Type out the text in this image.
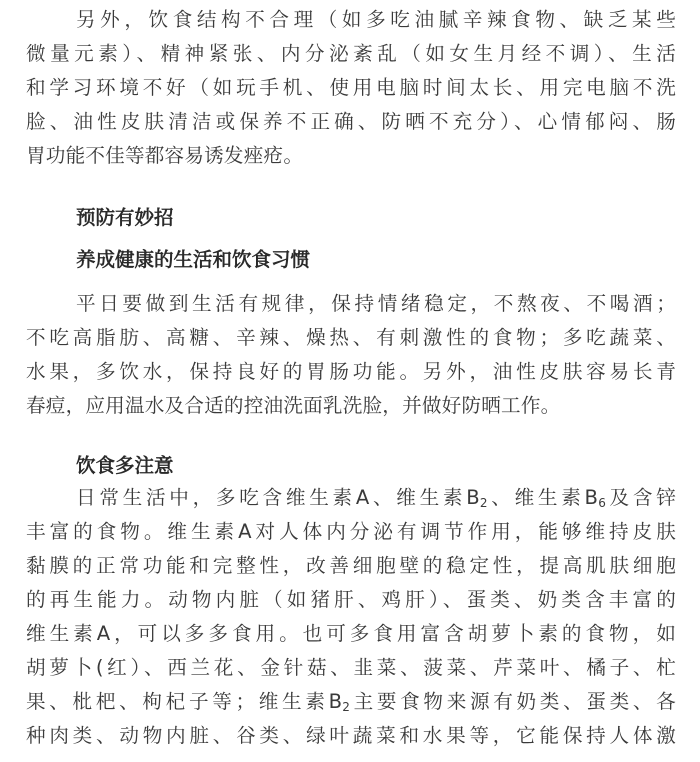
另外，饮食结构不合理（如多吃油腻辛辣食物、缺乏某些
微量元素）、精神紧张、内分泌紊乱（如女生月经不调）、生活
和学习环境不好（如玩手机、使用电脑时间太长、用完电脑不洗
脸、油性皮肤清洁或保养不正确、防晒不充分）、心情郁闷、肠
胃功能不佳等都容易诱发痤疮。
预防有妙招
养成健康的生活和饮食习惯
平日要做到生活有规律，保持情绪稳定，不熬夜、不喝酒；
不吃高脂肪、高糖、辛辣、燥热、有刺激性的食物；多吃蔬菜、
水果，多饮水，保持良好的胃肠功能。另外，油性皮肤容易长青
春痘，应用温水及合适的控油洗面乳洗脸，并做好防晒工作。
饮食多注意
日常生活中，多吃含维生素A、维生素$B_2$、维生素$B_6$及含锌
丰富的食物。维生素A对人体内分泌有调节作用，能够维持皮肤
黏膜的正常功能和完整性，改善细胞壁的稳定性，提高肌肤细胞
的再生能力。动物内脏（如猪肝、鸡肝）、蛋类、奶类含丰富的
维生素A，可以多多食用。也可多食用富含胡萝卜素的食物，如
胡萝卜(红）、西兰花、金针菇、韭菜、菠菜、芹菜叶、橘子、杧
果、枇杷、枸杞子等；维生素$B_2$主要食物来源有奶类、蛋类、各
种肉类、动物内脏、谷类、绿叶蔬菜和水果等，它能保持人体激
